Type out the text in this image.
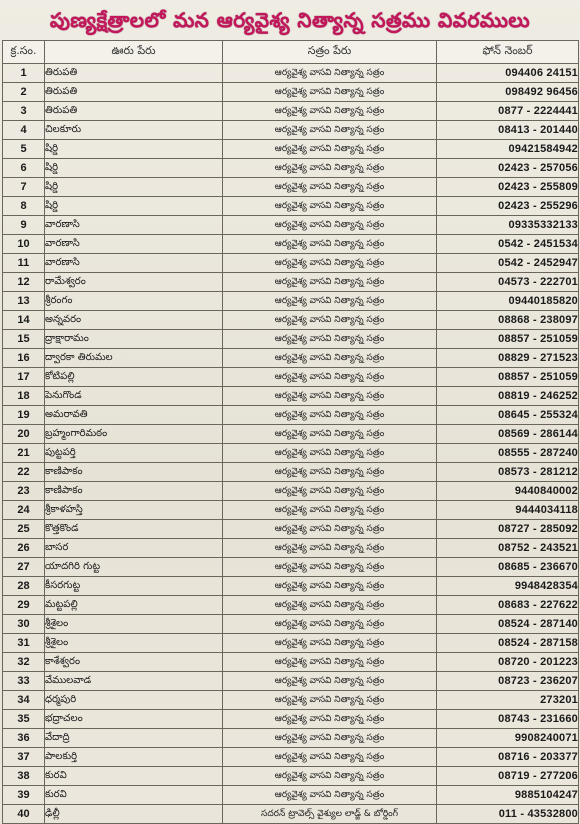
పుణ్యక్షేత్రాలలో మన ఆర్యవైశ్య నిత్యాన్న సత్రము వివరములు
క్ర.సం.	ఊరు పేరు	సత్రం పేరు	ఫోన్ నెంబర్
1	తిరుపతి	ఆర్యవైశ్య వాసవి నిత్యాన్న సత్రం	094406 24151
2	తిరుపతి	ఆర్యవైశ్య వాసవి నిత్యాన్న సత్రం	098492 96456
3	తిరుపతి	ఆర్యవైశ్య వాసవి నిత్యాన్న సత్రం	0877 - 2224441
4	చిలకూరు	ఆర్యవైశ్య వాసవి నిత్యాన్న సత్రం	08413 - 201440
5	షిర్డి	ఆర్యవైశ్య వాసవి నిత్యాన్న సత్రం	09421584942
6	షిర్డి	ఆర్యవైశ్య వాసవి నిత్యాన్న సత్రం	02423 - 257056
7	షిర్డి	ఆర్యవైశ్య వాసవి నిత్యాన్న సత్రం	02423 - 255809
8	షిర్డి	ఆర్యవైశ్య వాసవి నిత్యాన్న సత్రం	02423 - 255296
9	వారణాసి	ఆర్యవైశ్య వాసవి నిత్యాన్న సత్రం	09335332133
10	వారణాసి	ఆర్యవైశ్య వాసవి నిత్యాన్న సత్రం	0542 - 2451534
11	వారణాసి	ఆర్యవైశ్య వాసవి నిత్యాన్న సత్రం	0542 - 2452947
12	రామేశ్వరం	ఆర్యవైశ్య వాసవి నిత్యాన్న సత్రం	04573 - 222701
13	శ్రీరంగం	ఆర్యవైశ్య వాసవి నిత్యాన్న సత్రం	09440185820
14	అన్నవరం	ఆర్యవైశ్య వాసవి నిత్యాన్న సత్రం	08868 - 238097
15	ద్రాక్షారామం	ఆర్యవైశ్య వాసవి నిత్యాన్న సత్రం	08857 - 251059
16	ద్వారకా తిరుమల	ఆర్యవైశ్య వాసవి నిత్యాన్న సత్రం	08829 - 271523
17	కోటిపల్లి	ఆర్యవైశ్య వాసవి నిత్యాన్న సత్రం	08857 - 251059
18	పెనుగొండ	ఆర్యవైశ్య వాసవి నిత్యాన్న సత్రం	08819 - 246252
19	అమరావతి	ఆర్యవైశ్య వాసవి నిత్యాన్న సత్రం	08645 - 255324
20	బ్రహ్మంగారిమఠం	ఆర్యవైశ్య వాసవి నిత్యాన్న సత్రం	08569 - 286144
21	పుట్టపర్తి	ఆర్యవైశ్య వాసవి నిత్యాన్న సత్రం	08555 - 287240
22	కాణిపాకం	ఆర్యవైశ్య వాసవి నిత్యాన్న సత్రం	08573 - 281212
23	కాణిపాకం	ఆర్యవైశ్య వాసవి నిత్యాన్న సత్రం	9440840002
24	శ్రీకాళహస్తి	ఆర్యవైశ్య వాసవి నిత్యాన్న సత్రం	9444034118
25	కొత్తకొండ	ఆర్యవైశ్య వాసవి నిత్యాన్న సత్రం	08727 - 285092
26	బాసర	ఆర్యవైశ్య వాసవి నిత్యాన్న సత్రం	08752 - 243521
27	యాదగిరి గుట్ట	ఆర్యవైశ్య వాసవి నిత్యాన్న సత్రం	08685 - 236670
28	కీసరగుట్ట	ఆర్యవైశ్య వాసవి నిత్యాన్న సత్రం	9948428354
29	మట్టపల్లి	ఆర్యవైశ్య వాసవి నిత్యాన్న సత్రం	08683 - 227622
30	శ్రీశైలం	ఆర్యవైశ్య వాసవి నిత్యాన్న సత్రం	08524 - 287140
31	శ్రీశైలం	ఆర్యవైశ్య వాసవి నిత్యాన్న సత్రం	08524 - 287158
32	కాశేశ్వరం	ఆర్యవైశ్య వాసవి నిత్యాన్న సత్రం	08720 - 201223
33	వేములవాడ	ఆర్యవైశ్య వాసవి నిత్యాన్న సత్రం	08723 - 236207
34	ధర్మపురి	ఆర్యవైశ్య వాసవి నిత్యాన్న సత్రం	273201
35	భద్రాచలం	ఆర్యవైశ్య వాసవి నిత్యాన్న సత్రం	08743 - 231660
36	వేదాద్రి	ఆర్యవైశ్య వాసవి నిత్యాన్న సత్రం	9908240071
37	పాలకుర్తి	ఆర్యవైశ్య వాసవి నిత్యాన్న సత్రం	08716 - 203377
38	కురవి	ఆర్యవైశ్య వాసవి నిత్యాన్న సత్రం	08719 - 277206
39	కురవి	ఆర్యవైశ్య వాసవి నిత్యాన్న సత్రం	9885104247
40	ఢిల్లీ	సదరన్ ట్రావెల్స్ వైశ్యుల లాడ్జ్ & బోర్డింగ్	011 - 43532800
